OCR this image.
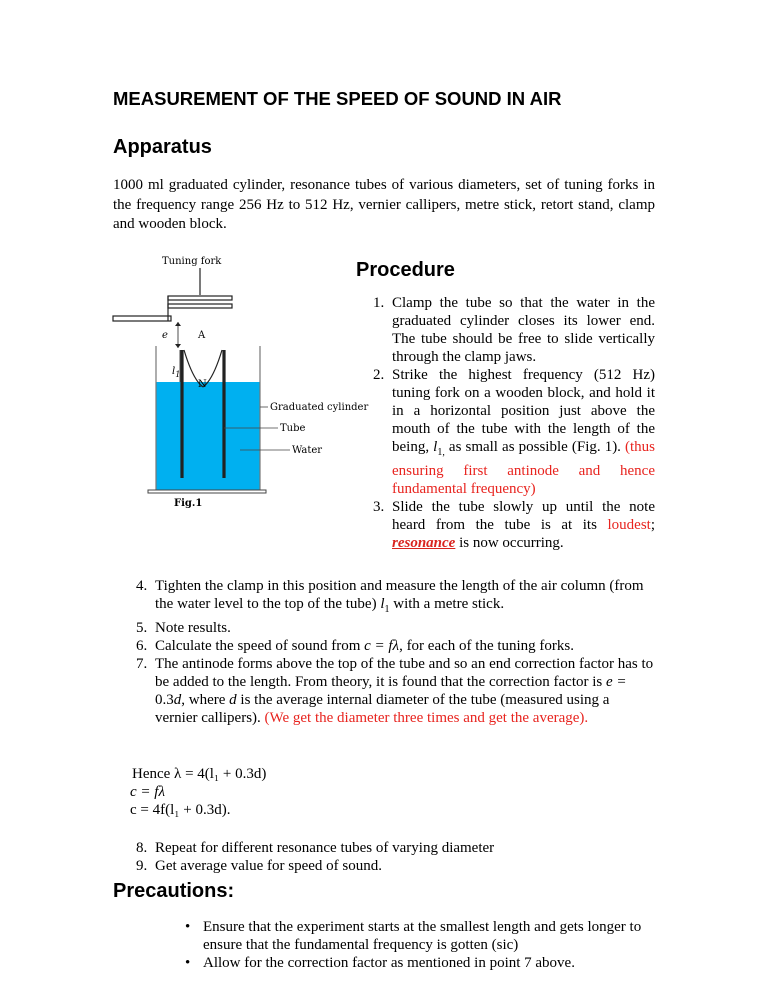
MEASUREMENT OF THE SPEED OF SOUND IN AIR
Apparatus

1000 ml graduated cylinder, resonance tubes of various diameters, set of tuning forks in the frequency range 256 Hz to 512 Hz, vernier callipers, metre stick, retort stand, clamp and wooden block.

Tuning fork
e	A
$l_1$
N
Graduated cylinder
Tube
Water
Fig.1
Procedure
1. Clamp the tube so that the water in the graduated cylinder closes its lower end. The tube should be free to slide vertically through the clamp jaws.
2. Strike the highest frequency (512 Hz) tuning fork on a wooden block, and hold it in a horizontal position just above the mouth of the tube with the length of the being, $l_{1,}$ as small as possible (Fig. 1). (thus ensuring first antinode and hence fundamental frequency)
3. Slide the tube slowly up until the note heard from the tube is at its loudest; resonance is now occurring.
4. Tighten the clamp in this position and measure the length of the air column (from the water level to the top of the tube) $l_1$ with a metre stick.
5. Note results.
6. Calculate the speed of sound from c = fλ, for each of the tuning forks.
7. The antinode forms above the top of the tube and so an end correction factor has to be added to the length. From theory, it is found that the correction factor is e = 0.3d, where d is the average internal diameter of the tube (measured using a vernier callipers). (We get the diameter three times and get the average).
Hence λ = 4(l₁ + 0.3d)
c = fλ
c = 4f(l₁ + 0.3d).
8. Repeat for different resonance tubes of varying diameter
9. Get average value for speed of sound.
Precautions:
• Ensure that the experiment starts at the smallest length and gets longer to ensure that the fundamental frequency is gotten (sic)
• Allow for the correction factor as mentioned in point 7 above.
